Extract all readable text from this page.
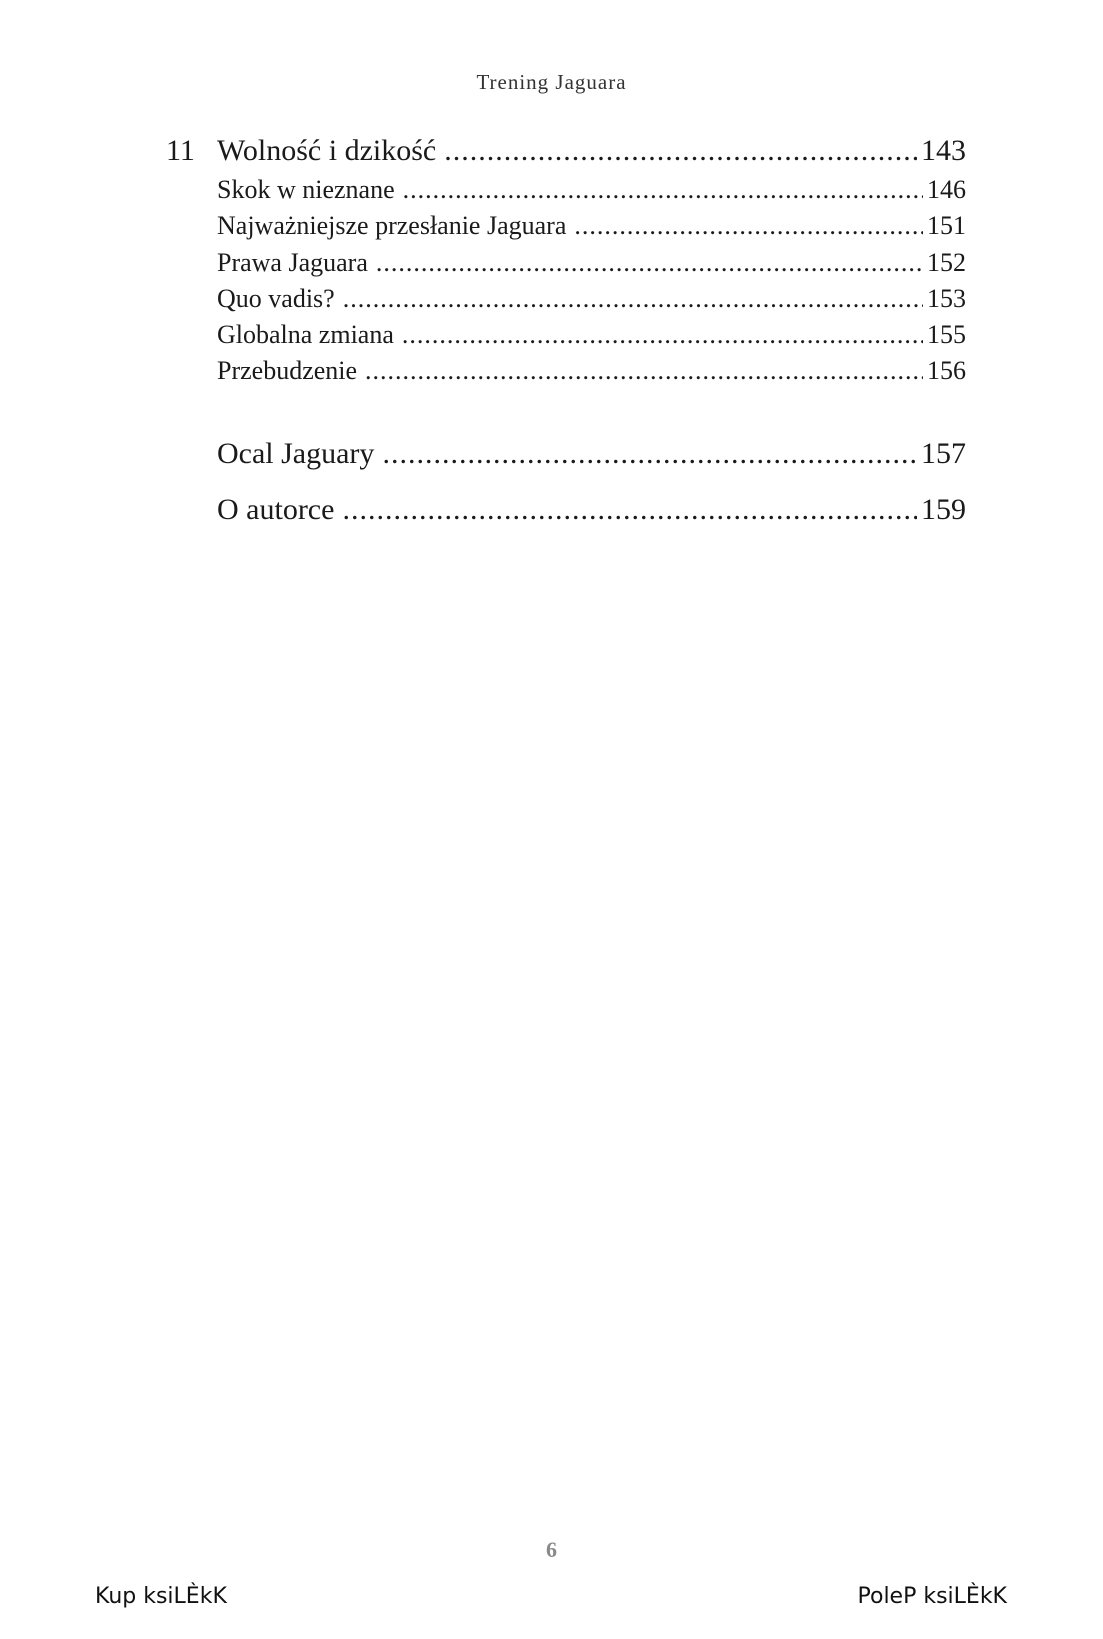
Trening Jaguara
11 Wolność i dzikość .....	143
Skok w nieznane .....	146
Najważniejsze przesłanie Jaguara .....	151
Prawa Jaguara .....	152
Quo vadis? .....	153
Globalna zmiana .....	155
Przebudzenie .....	156
Ocal Jaguary .....	157
O autorce .....	159
6
Kup ksiLЀkK	PoleP ksiLЀkK
